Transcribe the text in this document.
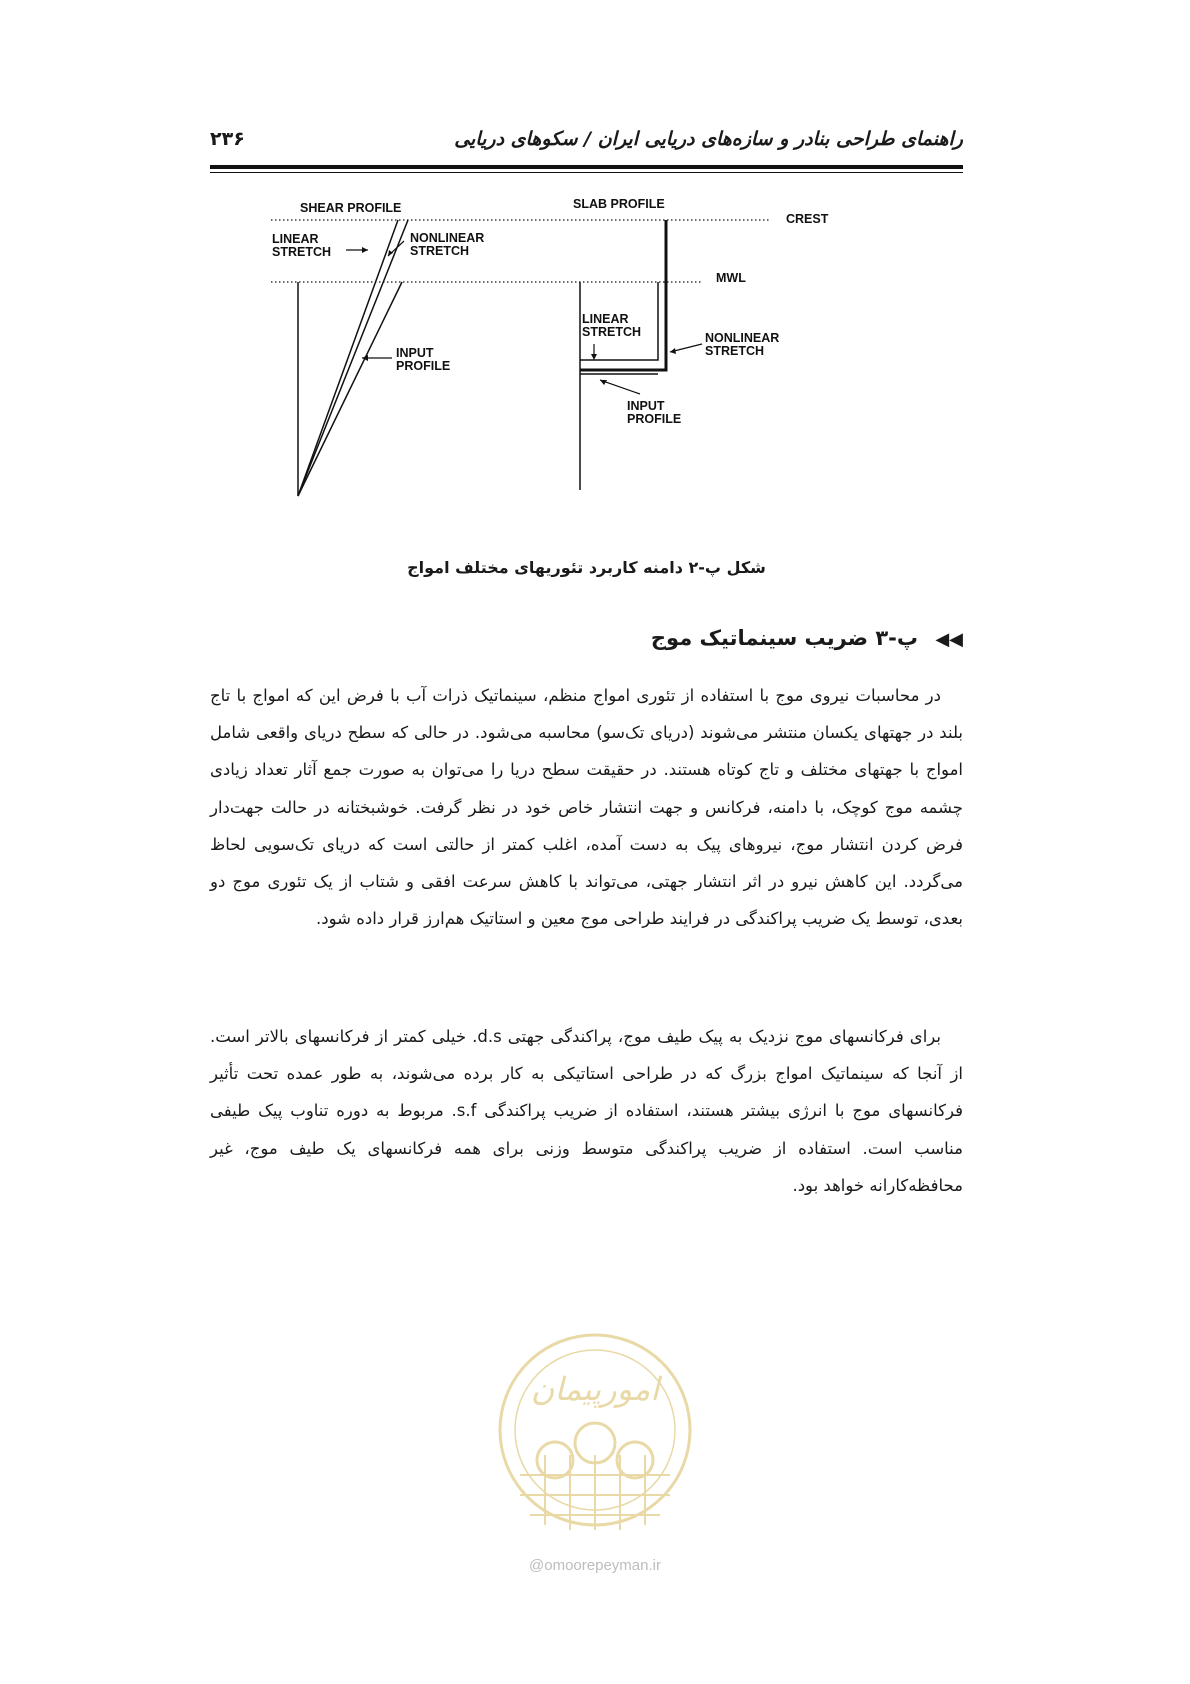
۲۳۶	راهنمای طراحی بنادر و سازه‌های دریایی ایران / سکوهای دریایی
SHEAR PROFILE	SLAB PROFILE
CREST
MWL
LINEAR
STRETCH
NONLINEAR
STRETCH
INPUT
PROFILE
LINEAR
STRETCH	NONLINEAR
STRETCH
INPUT
PROFILE
شکل پ-۲ دامنه کاربرد تئوریهای مختلف امواج
◀◀ پ-۳ ضریب سینماتیک موج

در محاسبات نیروی موج با استفاده از تئوری امواج منظم، سینماتیک ذرات آب با فرض این که امواج با تاج بلند در جهتهای یکسان منتشر می‌شوند (دریای تک‌سو) محاسبه می‌شود. در حالی که سطح دریای واقعی شامل امواج با جهتهای مختلف و تاج کوتاه هستند. در حقیقت سطح دریا را می‌توان به صورت جمع آثار تعداد زیادی چشمه موج کوچک، با دامنه، فرکانس و جهت انتشار خاص خود در نظر گرفت. خوشبختانه در حالت جهت‌دار فرض کردن انتشار موج، نیروهای پیک به دست آمده، اغلب کمتر از حالتی است که دریای تک‌سویی لحاظ می‌گردد. این کاهش نیرو در اثر انتشار جهتی، می‌تواند با کاهش سرعت افقی و شتاب از یک تئوری موج دو بعدی، توسط یک ضریب پراکندگی در فرایند طراحی موج معین و استاتیک هم‌ارز قرار داده شود.

برای فرکانسهای موج نزدیک به پیک طیف موج، پراکندگی جهتی d.s. خیلی کمتر از فرکانسهای بالاتر است. از آنجا که سینماتیک امواج بزرگ که در طراحی استاتیکی به کار برده می‌شوند، به طور عمده تحت تأثیر فرکانسهای موج با انرژی بیشتر هستند، استفاده از ضریب پراکندگی s.f. مربوط به دوره تناوب پیک طیفی مناسب است. استفاده از ضریب پراکندگی متوسط وزنی برای همه فرکانسهای یک طیف موج، غیر محافظه‌کارانه خواهد بود.

امورپیمان
@omoorepeyman.ir
